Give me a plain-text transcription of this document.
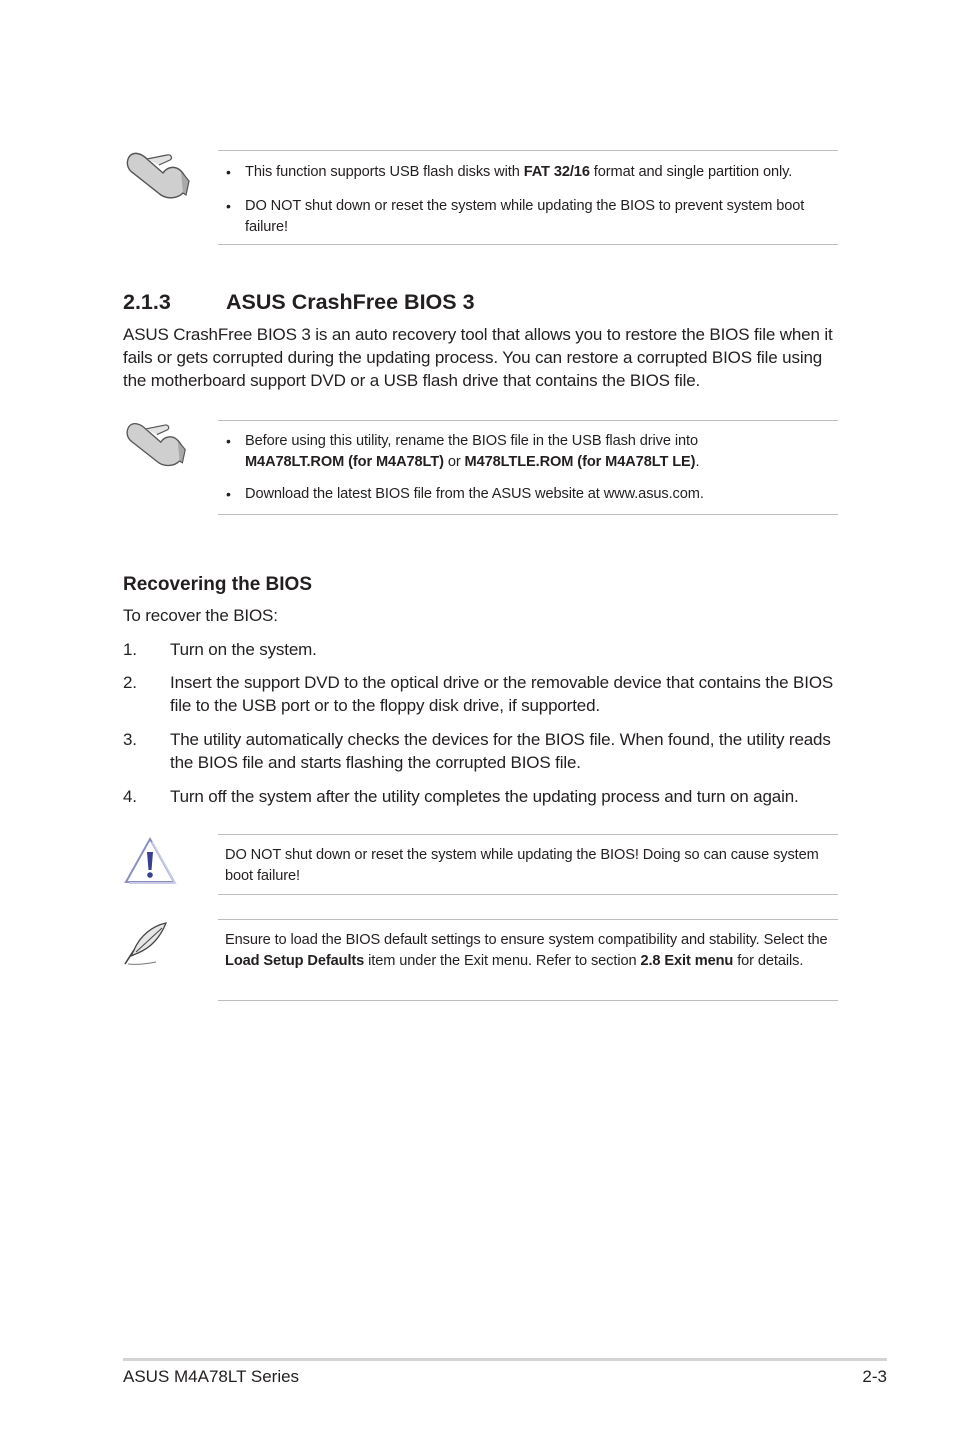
• This function supports USB flash disks with FAT 32/16 format and single partition only.
• DO NOT shut down or reset the system while updating the BIOS to prevent system boot failure!
2.1.3	ASUS CrashFree BIOS 3
ASUS CrashFree BIOS 3 is an auto recovery tool that allows you to restore the BIOS file when it fails or gets corrupted during the updating process. You can restore a corrupted BIOS file using the motherboard support DVD or a USB flash drive that contains the BIOS file.
• Before using this utility, rename the BIOS file in the USB flash drive into
M4A78LT.ROM (for M4A78LT) or M478LTLE.ROM (for M4A78LT LE).
• Download the latest BIOS file from the ASUS website at www.asus.com.
Recovering the BIOS
To recover the BIOS:
1. Turn on the system.
2. Insert the support DVD to the optical drive or the removable device that contains the BIOS file to the USB port or to the floppy disk drive, if supported.
3. The utility automatically checks the devices for the BIOS file. When found, the utility reads the BIOS file and starts flashing the corrupted BIOS file.
4. Turn off the system after the utility completes the updating process and turn on again.
DO NOT shut down or reset the system while updating the BIOS! Doing so can cause system boot failure!
Ensure to load the BIOS default settings to ensure system compatibility and stability. Select the Load Setup Defaults item under the Exit menu. Refer to section 2.8 Exit menu for details.
ASUS M4A78LT Series	2-3
